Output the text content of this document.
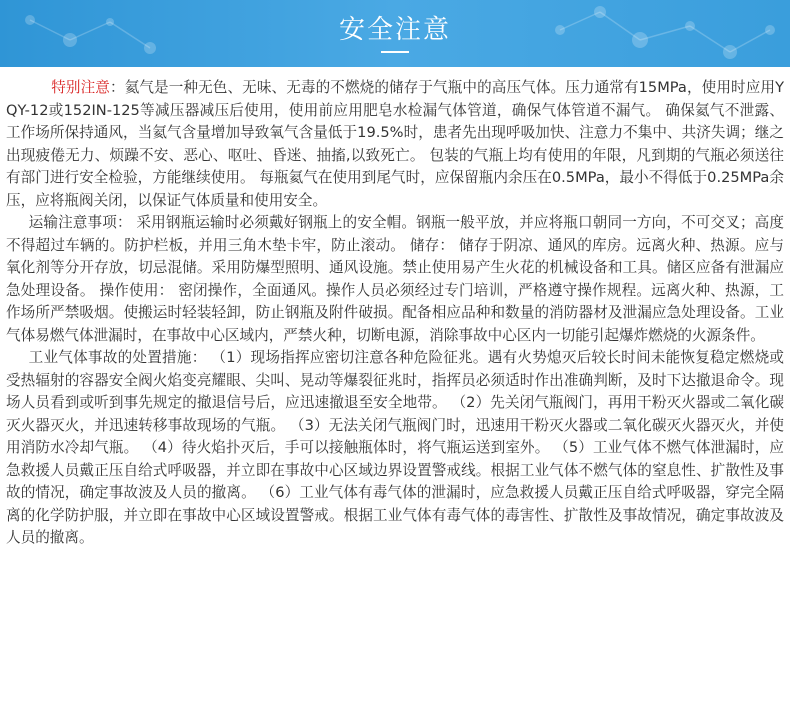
安全注意

特别注意：氦气是一种无色、无味、无毒的不燃烧的储存于气瓶中的高压气体。压力通常有15MPa，使用时应用YQY-12或152IN-125等减压器减压后使用，使用前应用肥皂水检漏气体管道，确保气体管道不漏气。 确保氦气不泄露、工作场所保持通风，当氦气含量增加导致氧气含量低于19.5%时，患者先出现呼吸加快、注意力不集中、共济失调；继之出现疲倦无力、烦躁不安、恶心、呕吐、昏迷、抽搐,以致死亡。 包装的气瓶上均有使用的年限，凡到期的气瓶必须送往有部门进行安全检验，方能继续使用。 每瓶氦气在使用到尾气时，应保留瓶内余压在0.5MPa，最小不得低于0.25MPa余压，应将瓶阀关闭，以保证气体质量和使用安全。

运输注意事项： 采用钢瓶运输时必须戴好钢瓶上的安全帽。钢瓶一般平放，并应将瓶口朝同一方向，不可交叉；高度不得超过车辆的。防护栏板，并用三角木垫卡牢，防止滚动。 储存： 储存于阴凉、通风的库房。远离火种、热源。应与氧化剂等分开存放，切忌混储。采用防爆型照明、通风设施。禁止使用易产生火花的机械设备和工具。储区应备有泄漏应急处理设备。 操作使用： 密闭操作，全面通风。操作人员必须经过专门培训，严格遵守操作规程。远离火种、热源，工作场所严禁吸烟。使搬运时轻装轻卸，防止钢瓶及附件破损。配备相应品种和数量的消防器材及泄漏应急处理设备。工业气体易燃气体泄漏时，在事故中心区域内，严禁火种，切断电源，消除事故中心区内一切能引起爆炸燃烧的火源条件。

工业气体事故的处置措施： （1）现场指挥应密切注意各种危险征兆。遇有火势熄灭后较长时间未能恢复稳定燃烧或受热辐射的容器安全阀火焰变亮耀眼、尖叫、晃动等爆裂征兆时，指挥员必须适时作出准确判断，及时下达撤退命令。现场人员看到或听到事先规定的撤退信号后，应迅速撤退至安全地带。 （2）先关闭气瓶阀门，再用干粉灭火器或二氧化碳灭火器灭火，并迅速转移事故现场的气瓶。 （3）无法关闭气瓶阀门时，迅速用干粉灭火器或二氧化碳灭火器灭火，并使用消防水冷却气瓶。 （4）待火焰扑灭后，手可以接触瓶体时，将气瓶运送到室外。 （5）工业气体不燃气体泄漏时，应急救援人员戴正压自给式呼吸器，并立即在事故中心区域边界设置警戒线。根据工业气体不燃气体的窒息性、扩散性及事故的情况，确定事故波及人员的撤离。 （6）工业气体有毒气体的泄漏时，应急救援人员戴正压自给式呼吸器，穿完全隔离的化学防护服，并立即在事故中心区域设置警戒。根据工业气体有毒气体的毒害性、扩散性及事故情况，确定事故波及人员的撤离。
